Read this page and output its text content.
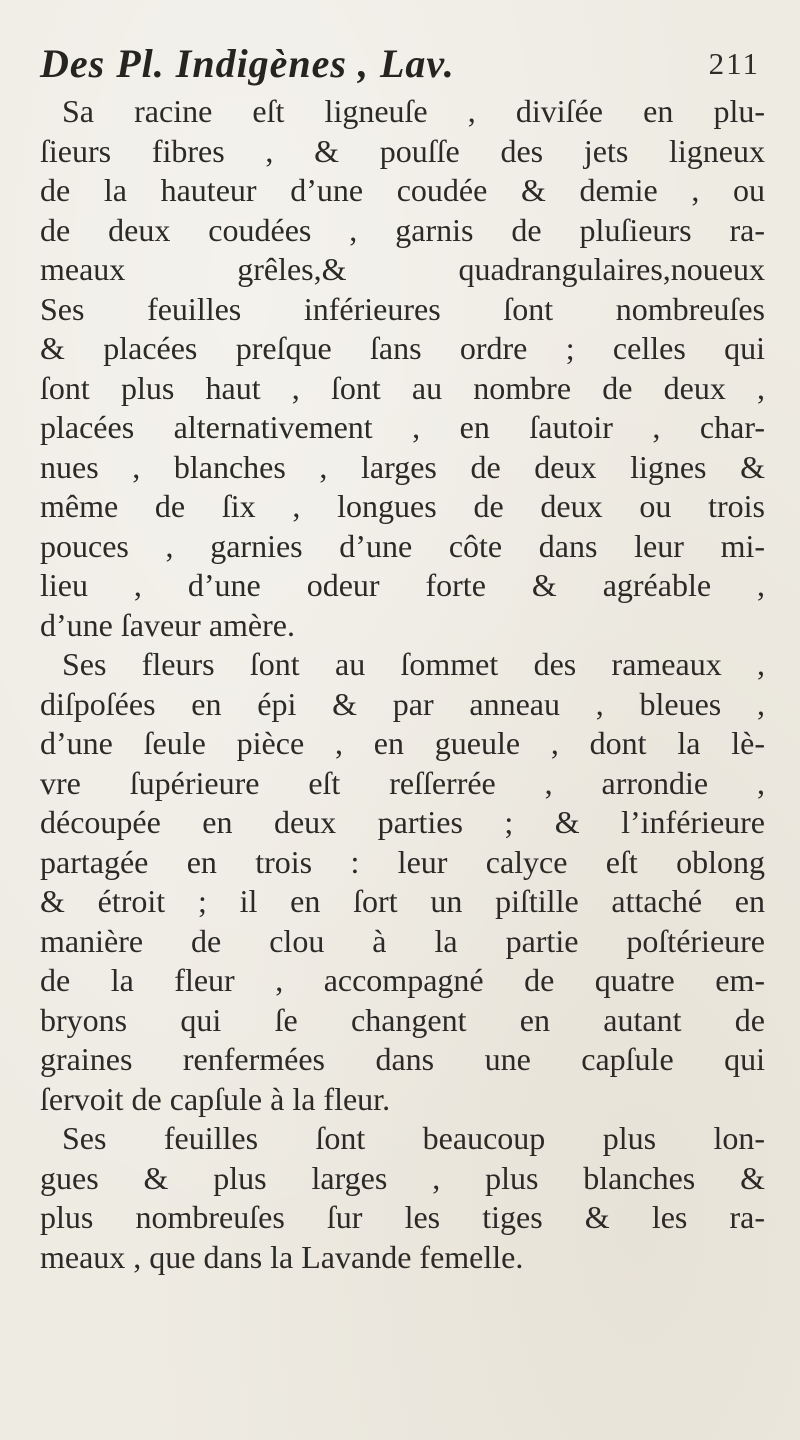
Des Pl. Indigènes , Lav.	211
Sa racine eſt ligneuſe , diviſée en plu-
ſieurs fibres , & pouſſe des jets ligneux
de la hauteur d’une coudée & demie , ou
de deux coudées , garnis de pluſieurs ra-
meaux grêles,& quadrangulaires,noueux
Ses feuilles inférieures ſont nombreuſes
& placées preſque ſans ordre ; celles qui
ſont plus haut , ſont au nombre de deux ,
placées alternativement , en ſautoir , char-
nues , blanches , larges de deux lignes &
même de ſix , longues de deux ou trois
pouces , garnies d’une côte dans leur mi-
lieu , d’une odeur forte & agréable ,
d’une ſaveur amère.
Ses fleurs ſont au ſommet des rameaux ,
diſpoſées en épi & par anneau , bleues ,
d’une ſeule pièce , en gueule , dont la lè-
vre ſupérieure eſt reſſerrée , arrondie ,
découpée en deux parties ; & l’inférieure
partagée en trois : leur calyce eſt oblong
& étroit ; il en ſort un piſtille attaché en
manière de clou à la partie poſtérieure
de la fleur , accompagné de quatre em-
bryons qui ſe changent en autant de
graines renfermées dans une capſule qui
ſervoit de capſule à la fleur.
Ses feuilles ſont beaucoup plus lon-
gues & plus larges , plus blanches &
plus nombreuſes ſur les tiges & les ra-
meaux , que dans la Lavande femelle.
